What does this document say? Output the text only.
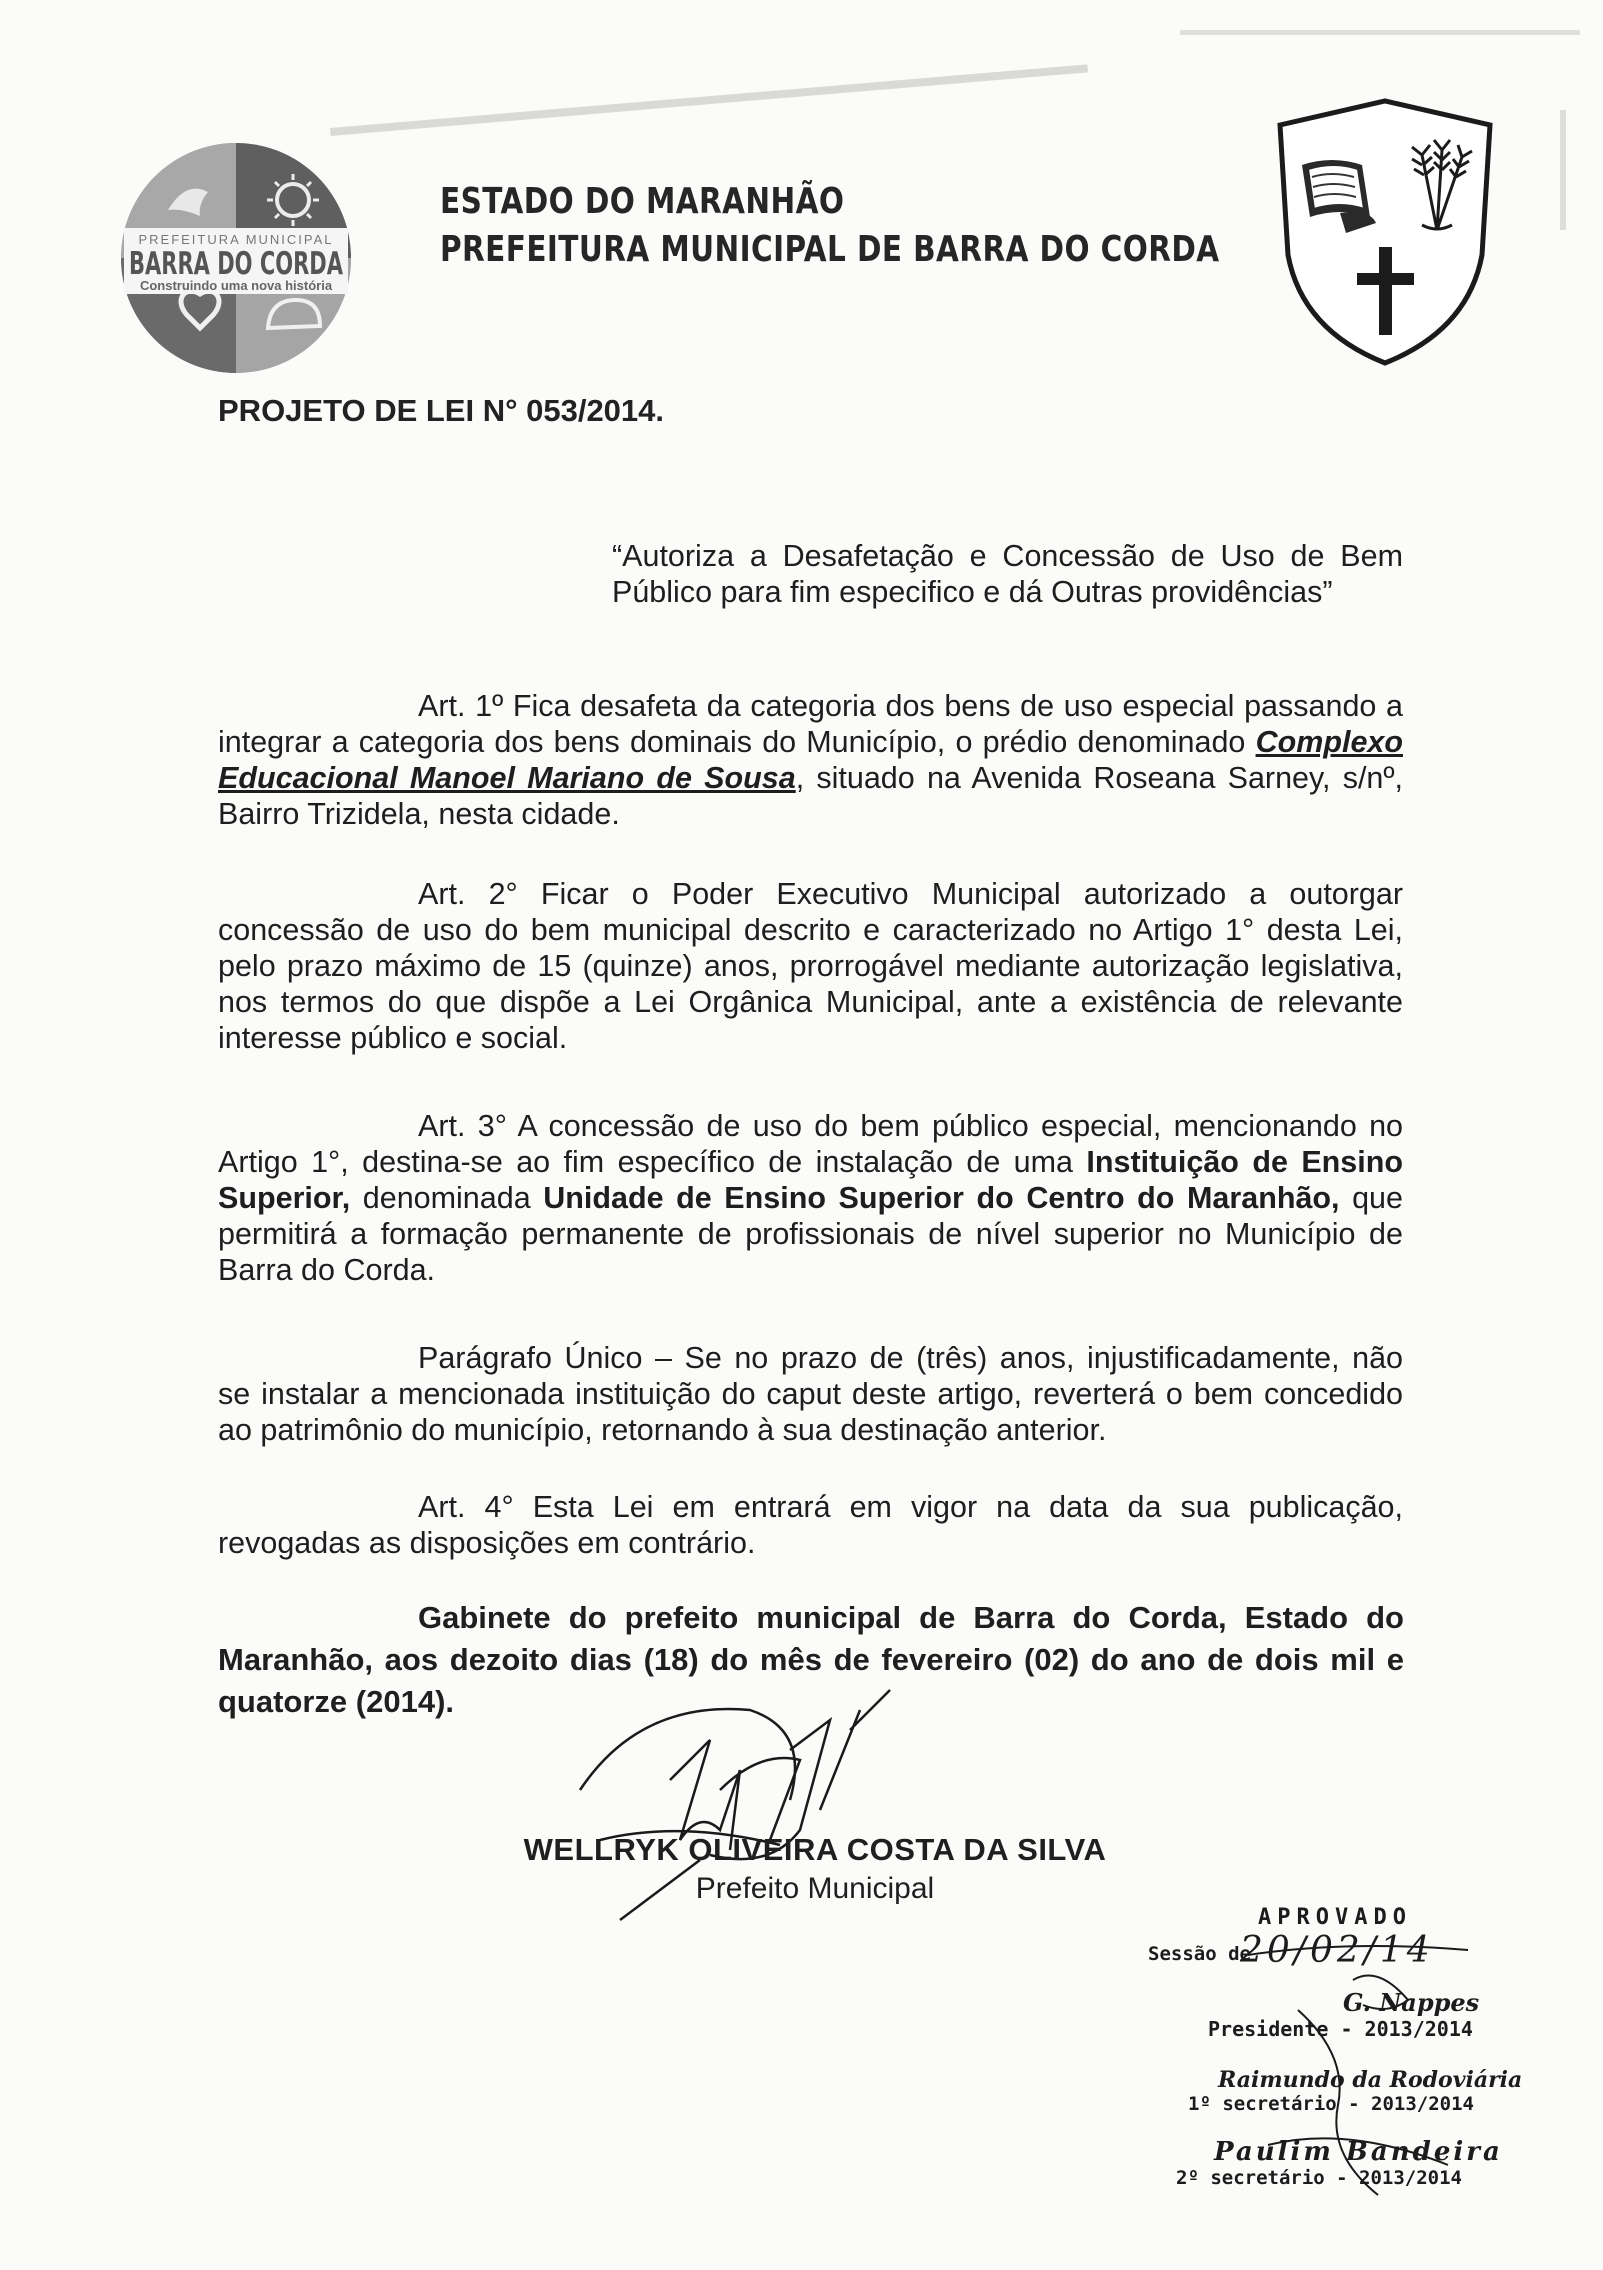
PREFEITURA MUNICIPAL
BARRA DO CORDA
Construindo uma nova história
ESTADO DO MARANHÃO
PREFEITURA MUNICIPAL DE BARRA DO CORDA
PROJETO DE LEI N° 053/2014.
“Autoriza a Desafetação e Concessão de Uso de Bem Público para fim especifico e dá Outras providências”
Art. 1º Fica desafeta da categoria dos bens de uso especial passando a integrar a categoria dos bens dominais do Município, o prédio denominado Complexo Educacional Manoel Mariano de Sousa, situado na Avenida Roseana Sarney, s/nº, Bairro Trizidela, nesta cidade.
Art. 2° Ficar o Poder Executivo Municipal autorizado a outorgar concessão de uso do bem municipal descrito e caracterizado no Artigo 1° desta Lei, pelo prazo máximo de 15 (quinze) anos, prorrogável mediante autorização legislativa, nos termos do que dispõe a Lei Orgânica Municipal, ante a existência de relevante interesse público e social.
Art. 3° A concessão de uso do bem público especial, mencionando no Artigo 1°, destina-se ao fim específico de instalação de uma Instituição de Ensino Superior, denominada Unidade de Ensino Superior do Centro do Maranhão, que permitirá a formação permanente de profissionais de nível superior no Município de Barra do Corda.
Parágrafo Único – Se no prazo de (três) anos, injustificadamente, não se instalar a mencionada instituição do caput deste artigo, reverterá o bem concedido ao patrimônio do município, retornando à sua destinação anterior.
Art. 4° Esta Lei em entrará em vigor na data da sua publicação, revogadas as disposições em contrário.
Gabinete do prefeito municipal de Barra do Corda, Estado do Maranhão, aos dezoito dias (18) do mês de fevereiro (02) do ano de dois mil e quatorze (2014).
WELLRYK OLIVEIRA COSTA DA SILVA
Prefeito Municipal
APROVADO
Sessão de
20/02/14
G. Nappes
Presidente - 2013/2014
Raimundo da Rodoviária
1º secretário - 2013/2014
Paulim Bandeira
2º secretário - 2013/2014
